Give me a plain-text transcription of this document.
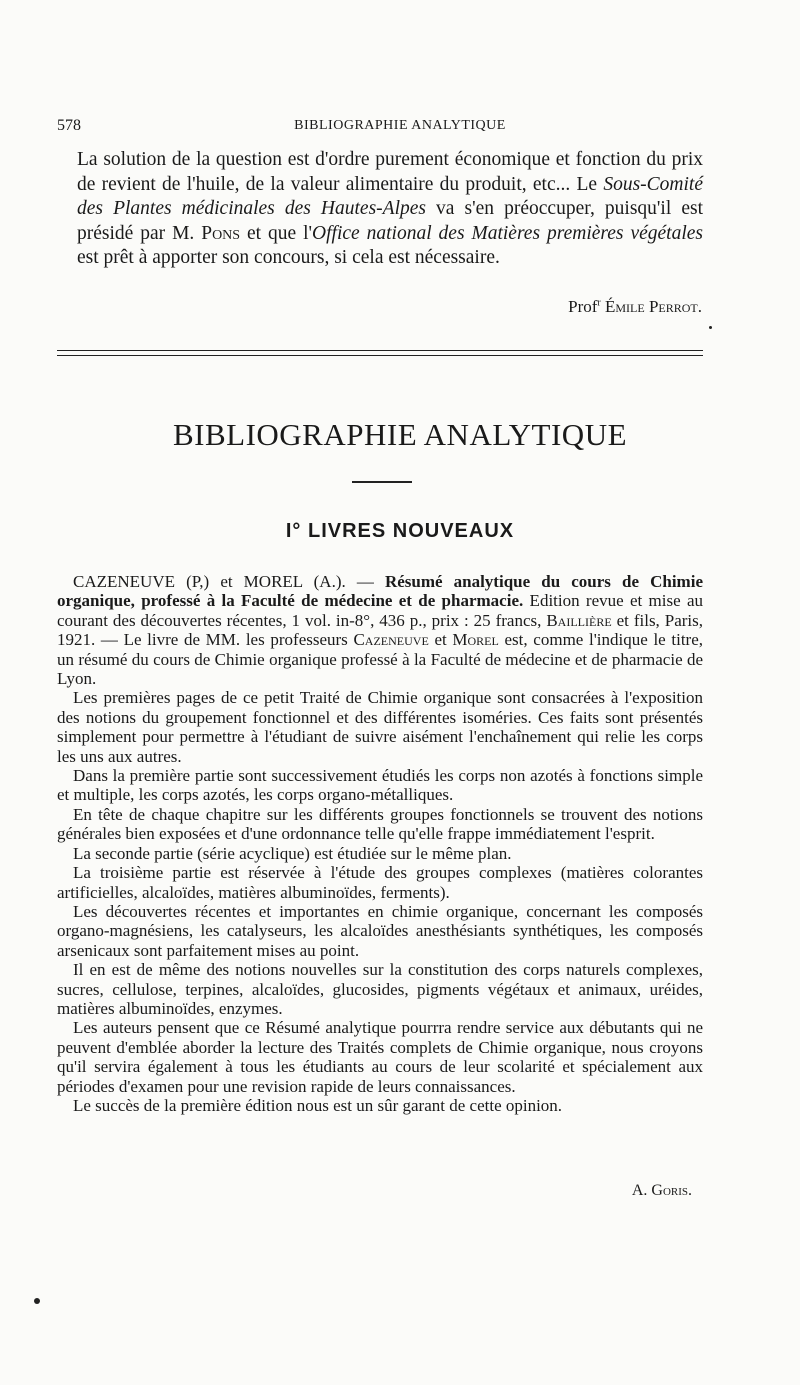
578	BIBLIOGRAPHIE ANALYTIQUE
La solution de la question est d'ordre purement économique et fonction du prix de revient de l'huile, de la valeur alimentaire du produit, etc... Le Sous-Comité des Plantes médicinales des Hautes-Alpes va s'en préoccuper, puisqu'il est présidé par M. Pons et que l'Office national des Matières premières végétales est prêt à apporter son concours, si cela est nécessaire.
Prof$^r$ Émile Perrot.
BIBLIOGRAPHIE ANALYTIQUE
I° LIVRES NOUVEAUX

CAZENEUVE (P,) et MOREL (A.). — Résumé analytique du cours de Chimie organique, professé à la Faculté de médecine et de pharmacie. Edition revue et mise au courant des découvertes récentes, 1 vol. in-8°, 436 p., prix : 25 francs, Baillière et fils, Paris, 1921. — Le livre de MM. les professeurs Cazeneuve et Morel est, comme l'indique le titre, un résumé du cours de Chimie organique professé à la Faculté de médecine et de pharmacie de Lyon.

Les premières pages de ce petit Traité de Chimie organique sont consacrées à l'exposition des notions du groupement fonctionnel et des différentes isoméries. Ces faits sont présentés simplement pour permettre à l'étudiant de suivre aisément l'enchaînement qui relie les corps les uns aux autres.

Dans la première partie sont successivement étudiés les corps non azotés à fonctions simple et multiple, les corps azotés, les corps organo-métalliques.

En tête de chaque chapitre sur les différents groupes fonctionnels se trouvent des notions générales bien exposées et d'une ordonnance telle qu'elle frappe immédiatement l'esprit.

La seconde partie (série acyclique) est étudiée sur le même plan.

La troisième partie est réservée à l'étude des groupes complexes (matières colorantes artificielles, alcaloïdes, matières albuminoïdes, ferments).

Les découvertes récentes et importantes en chimie organique, concernant les composés organo-magnésiens, les catalyseurs, les alcaloïdes anesthésiants synthétiques, les composés arsenicaux sont parfaitement mises au point.

Il en est de même des notions nouvelles sur la constitution des corps naturels complexes, sucres, cellulose, terpines, alcaloïdes, glucosides, pigments végétaux et animaux, uréides, matières albuminoïdes, enzymes.

Les auteurs pensent que ce Résumé analytique pourrra rendre service aux débutants qui ne peuvent d'emblée aborder la lecture des Traités complets de Chimie organique, nous croyons qu'il servira également à tous les étudiants au cours de leur scolarité et spécialement aux périodes d'examen pour une revision rapide de leurs connaissances.

Le succès de la première édition nous est un sûr garant de cette opinion.

A. Goris.
